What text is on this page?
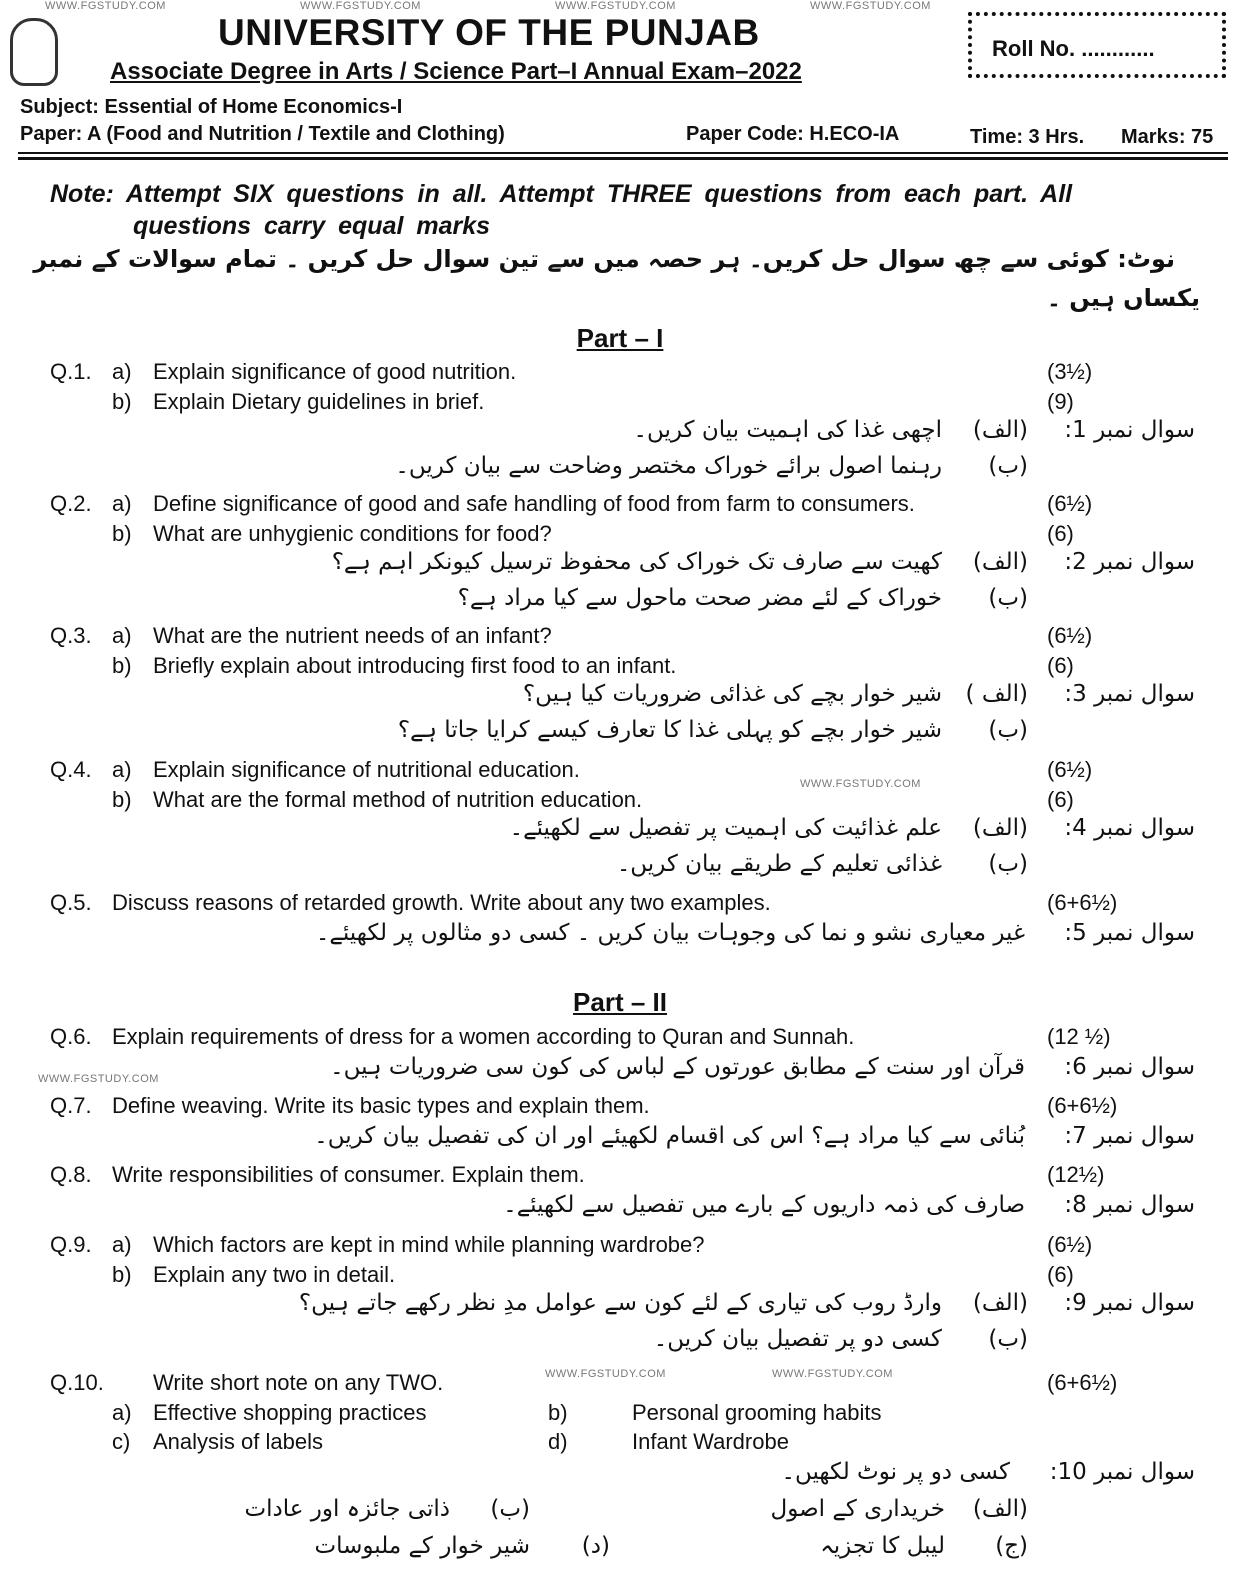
WWW.FGSTUDY.COM	WWW.FGSTUDY.COM	WWW.FGSTUDY.COM	WWW.FGSTUDY.COM
WWW.FGSTUDY.COM
WWW.FGSTUDY.COM
WWW.FGSTUDY.COM	WWW.FGSTUDY.COM
UNIVERSITY OF THE PUNJAB
Associate Degree in Arts / Science Part–I Annual Exam–2022
Roll No. ............
Subject: Essential of Home Economics-I
Paper: A (Food and Nutrition / Textile and Clothing)	Paper Code: H.ECO-IA	Time: 3 Hrs. Marks: 75
Note: Attempt SIX questions in all. Attempt THREE questions from each part. All
questions carry equal marks
نوٹ: کوئی سے چھ سوال حل کریں۔ ہر حصہ میں سے تین سوال حل کریں ۔ تمام سوالات کے نمبر
یکساں ہیں ۔
Part – I
Q.1. a) Explain significance of good nutrition.	(3½)
b) Explain Dietary guidelines in brief.	(9)
سوال نمبر 1:
(الف)
اچھی غذا کی اہمیت بیان کریں۔
(ب)
رہنما اصول برائے خوراک مختصر وضاحت سے بیان کریں۔
Q.2. a) Define significance of good and safe handling of food from farm to consumers.	(6½)
b) What are unhygienic conditions for food?	(6)
سوال نمبر 2:
(الف)
کھیت سے صارف تک خوراک کی محفوظ ترسیل کیونکر اہم ہے؟
(ب)
خوراک کے لئے مضر صحت ماحول سے کیا مراد ہے؟
Q.3. a) What are the nutrient needs of an infant?	(6½)
b) Briefly explain about introducing first food to an infant.	(6)
سوال نمبر 3:
(الف )
شیر خوار بچے کی غذائی ضروریات کیا ہیں؟
(ب)
شیر خوار بچے کو پہلی غذا کا تعارف کیسے کرایا جاتا ہے؟
Q.4. a) Explain significance of nutritional education.	(6½)
b) What are the formal method of nutrition education.	(6)
سوال نمبر 4:
(الف)
علم غذائیت کی اہمیت پر تفصیل سے لکھیئے۔
(ب)
غذائی تعلیم کے طریقے بیان کریں۔
Q.5. Discuss reasons of retarded growth. Write about any two examples.	(6+6½)
سوال نمبر 5:
غیر معیاری نشو و نما کی وجوہات بیان کریں ۔ کسی دو مثالوں پر لکھیئے۔
Q.6. Explain requirements of dress for a women according to Quran and Sunnah.	(12 ½)
سوال نمبر 6:
قرآن اور سنت کے مطابق عورتوں کے لباس کی کون سی ضروریات ہیں۔
Q.7. Define weaving. Write its basic types and explain them.	(6+6½)
سوال نمبر 7:
بُنائی سے کیا مراد ہے؟ اس کی اقسام لکھیئے اور ان کی تفصیل بیان کریں۔
Q.8. Write responsibilities of consumer. Explain them.	(12½)
سوال نمبر 8:
صارف کی ذمہ داریوں کے بارے میں تفصیل سے لکھیئے۔
Q.9. a) Which factors are kept in mind while planning wardrobe?	(6½)
b) Explain any two in detail.	(6)
سوال نمبر 9:
(الف)
وارڈ روب کی تیاری کے لئے کون سے عوامل مدِ نظر رکھے جاتے ہیں؟
(ب)
کسی دو پر تفصیل بیان کریں۔
Q.10. Write short note on any TWO.	(6+6½)
a) Effective shopping practices	b)	Personal grooming habits
c) Analysis of labels	d)	Infant Wardrobe
سوال نمبر 10:
کسی دو پر نوٹ لکھیں۔
(الف)
خریداری کے اصول
(ب)
ذاتی جائزہ اور عادات
(ج)
لیبل کا تجزیہ
(د)
شیر خوار کے ملبوسات
Part – II
